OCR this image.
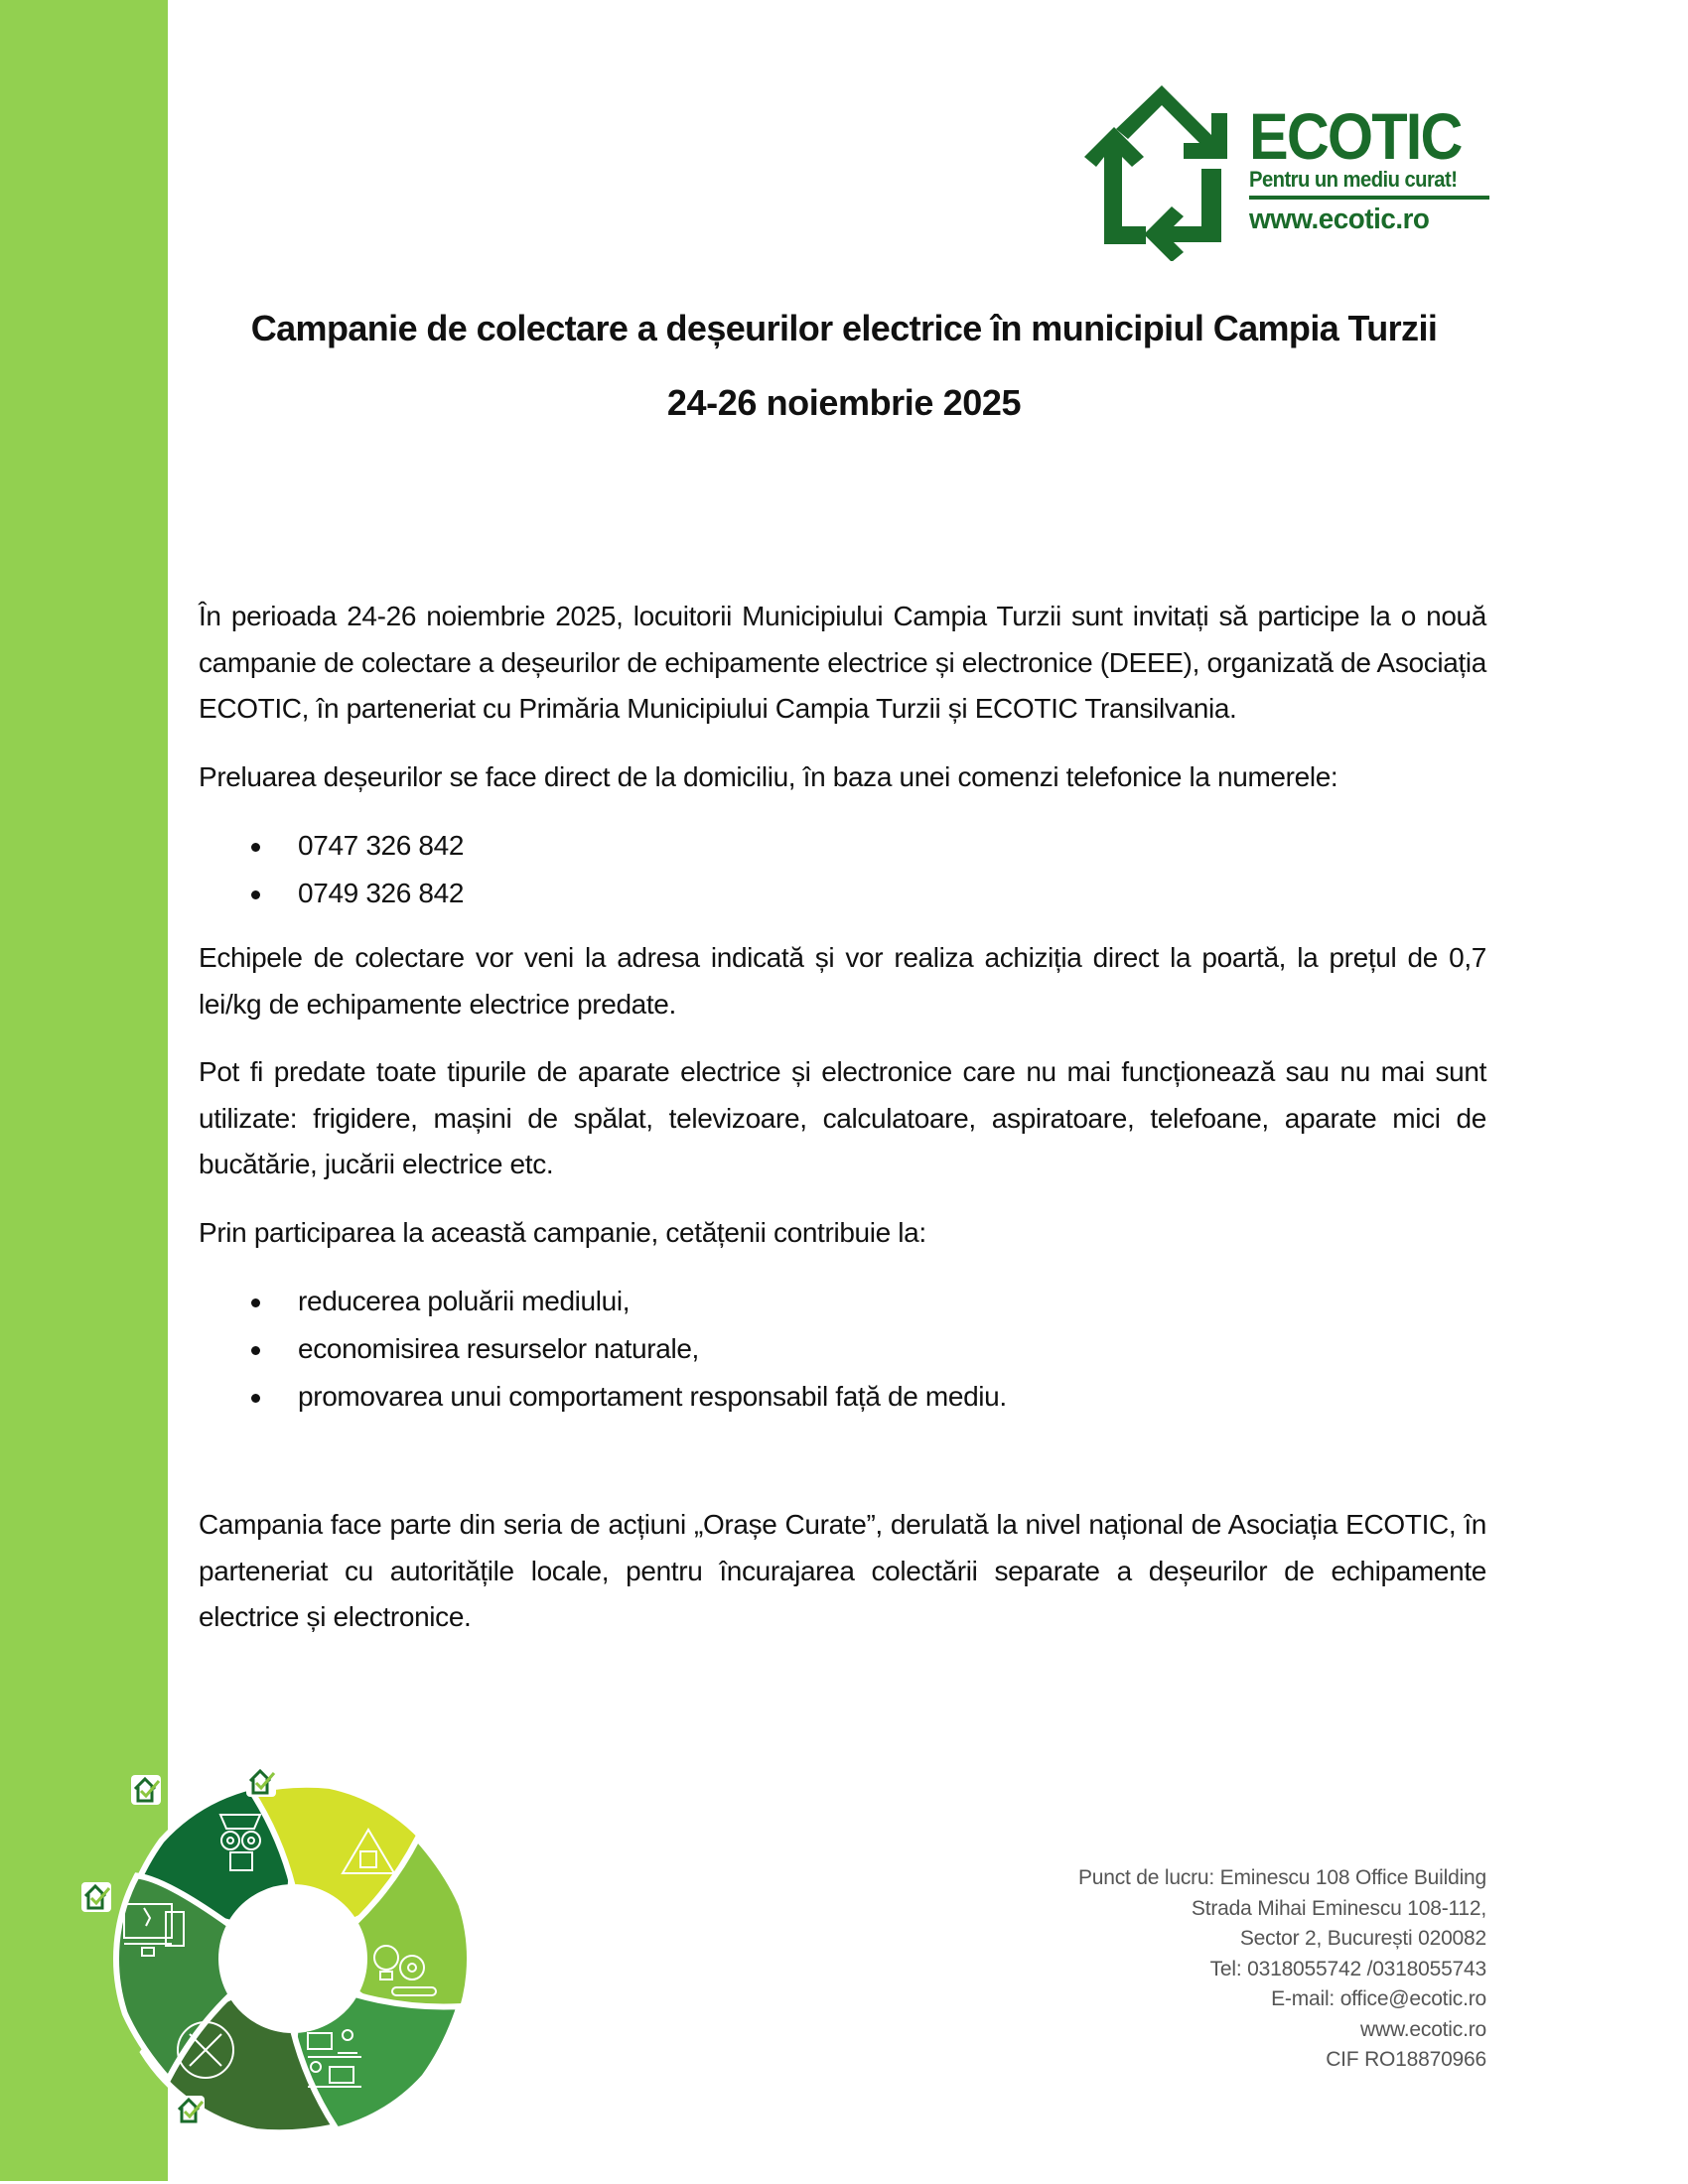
ECOTIC
Pentru un mediu curat!
www.ecotic.ro
Campanie de colectare a deșeurilor electrice în municipiul Campia Turzii
24-26 noiembrie 2025

În perioada 24-26 noiembrie 2025, locuitorii Municipiului Campia Turzii sunt invitați să participe la o nouă campanie de colectare a deșeurilor de echipamente electrice și electronice (DEEE), organizată de Asociația ECOTIC, în parteneriat cu Primăria Municipiului Campia Turzii și ECOTIC Transilvania.

Preluarea deșeurilor se face direct de la domiciliu, în baza unei comenzi telefonice la numerele:

0747 326 842
0749 326 842

Echipele de colectare vor veni la adresa indicată și vor realiza achiziția direct la poartă, la prețul de 0,7 lei/kg de echipamente electrice predate.

Pot fi predate toate tipurile de aparate electrice și electronice care nu mai funcționează sau nu mai sunt utilizate: frigidere, mașini de spălat, televizoare, calculatoare, aspiratoare, telefoane, aparate mici de bucătărie, jucării electrice etc.

Prin participarea la această campanie, cetățenii contribuie la:

reducerea poluării mediului,
economisirea resurselor naturale,
promovarea unui comportament responsabil față de mediu.

Campania face parte din seria de acțiuni „Orașe Curate”, derulată la nivel național de Asociația ECOTIC, în parteneriat cu autoritățile locale, pentru încurajarea colectării separate a deșeurilor de echipamente electrice și electronice.

Punct de lucru: Eminescu 108 Office Building
Strada Mihai Eminescu 108-112,
Sector 2, București 020082
Tel: 0318055742 /0318055743
E-mail: office@ecotic.ro
www.ecotic.ro
CIF RO18870966
